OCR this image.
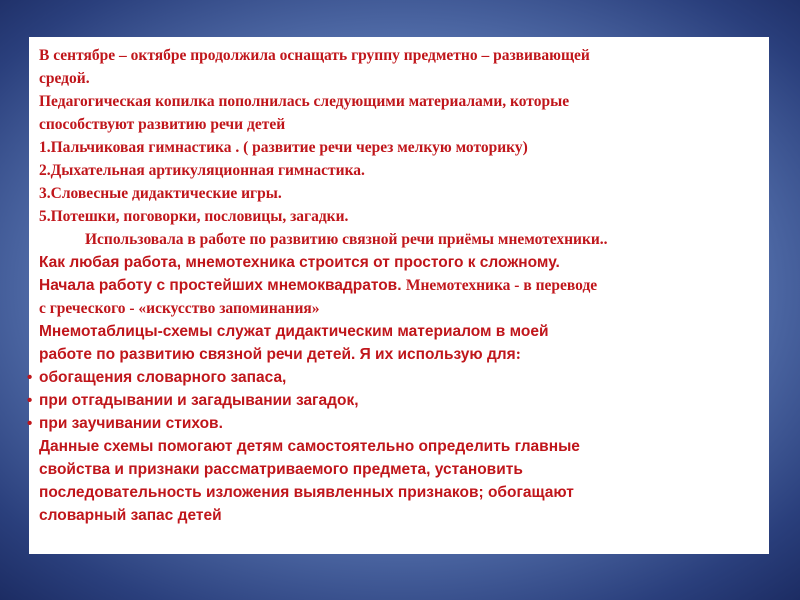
В сентябре – октябре продолжила оснащать группу предметно – развивающей

средой.

Педагогическая копилка пополнилась следующими материалами, которые

способствуют развитию речи детей

1.Пальчиковая гимнастика . ( развитие речи через мелкую моторику)

2.Дыхательная артикуляционная гимнастика.

3.Словесные дидактические игры.

5.Потешки, поговорки, пословицы, загадки.

Использовала в работе по развитию связной речи приёмы мнемотехники..

Как любая работа, мнемотехника строится от простого к сложному.

Начала работу с простейших мнемоквадратов. Мнемотехника - в переводе

с греческого - «искусство запоминания»

Мнемотаблицы-схемы служат дидактическим материалом в моей

работе по развитию связной речи детей. Я их использую для:

• обогащения словарного запаса,

• при отгадывании и загадывании загадок,

• при заучивании стихов.

Данные схемы помогают детям самостоятельно определить главные

свойства и признаки рассматриваемого предмета, установить

последовательность изложения выявленных признаков; обогащают

словарный запас детей
